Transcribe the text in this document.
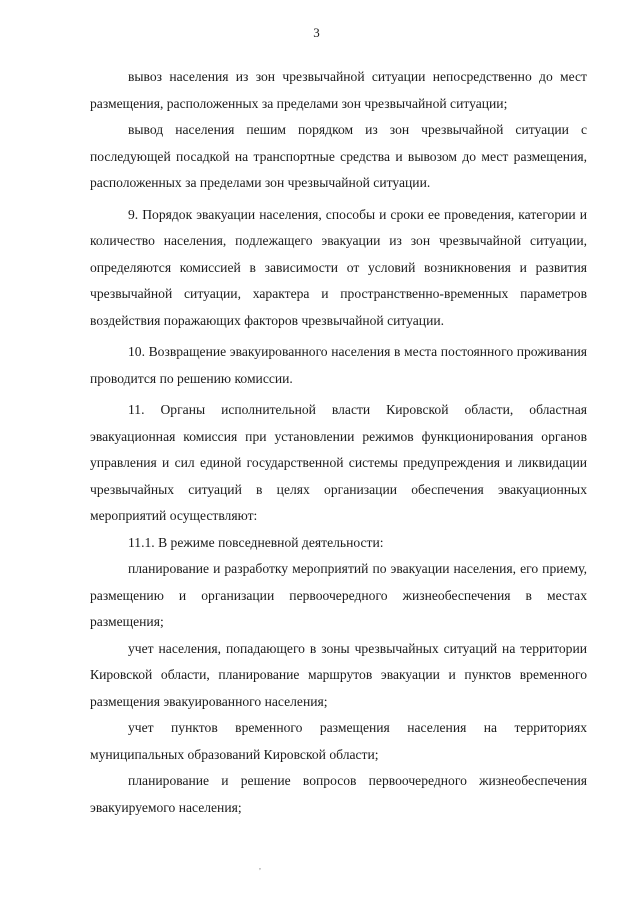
3

вывоз населения из зон чрезвычайной ситуации непосредственно до мест размещения, расположенных за пределами зон чрезвычайной ситуации;

вывод населения пешим порядком из зон чрезвычайной ситуации с последующей посадкой на транспортные средства и вывозом до мест размещения, расположенных за пределами зон чрезвычайной ситуации.

9. Порядок эвакуации населения, способы и сроки ее проведения, категории и количество населения, подлежащего эвакуации из зон чрезвычайной ситуации, определяются комиссией в зависимости от условий возникновения и развития чрезвычайной ситуации, характера и пространственно-временных параметров воздействия поражающих факторов чрезвычайной ситуации.

10. Возвращение эвакуированного населения в места постоянного проживания проводится по решению комиссии.

11. Органы исполнительной власти Кировской области, областная эвакуационная комиссия при установлении режимов функционирования органов управления и сил единой государственной системы предупреждения и ликвидации чрезвычайных ситуаций в целях организации обеспечения эвакуационных мероприятий осуществляют:

11.1. В режиме повседневной деятельности:

планирование и разработку мероприятий по эвакуации населения, его приему, размещению и организации первоочередного жизнеобеспечения в местах размещения;

учет населения, попадающего в зоны чрезвычайных ситуаций на территории Кировской области, планирование маршрутов эвакуации и пунктов временного размещения эвакуированного населения;

учет пунктов временного размещения населения на территориях муниципальных образований Кировской области;

планирование и решение вопросов первоочередного жизнеобеспечения эвакуируемого населения;

,
